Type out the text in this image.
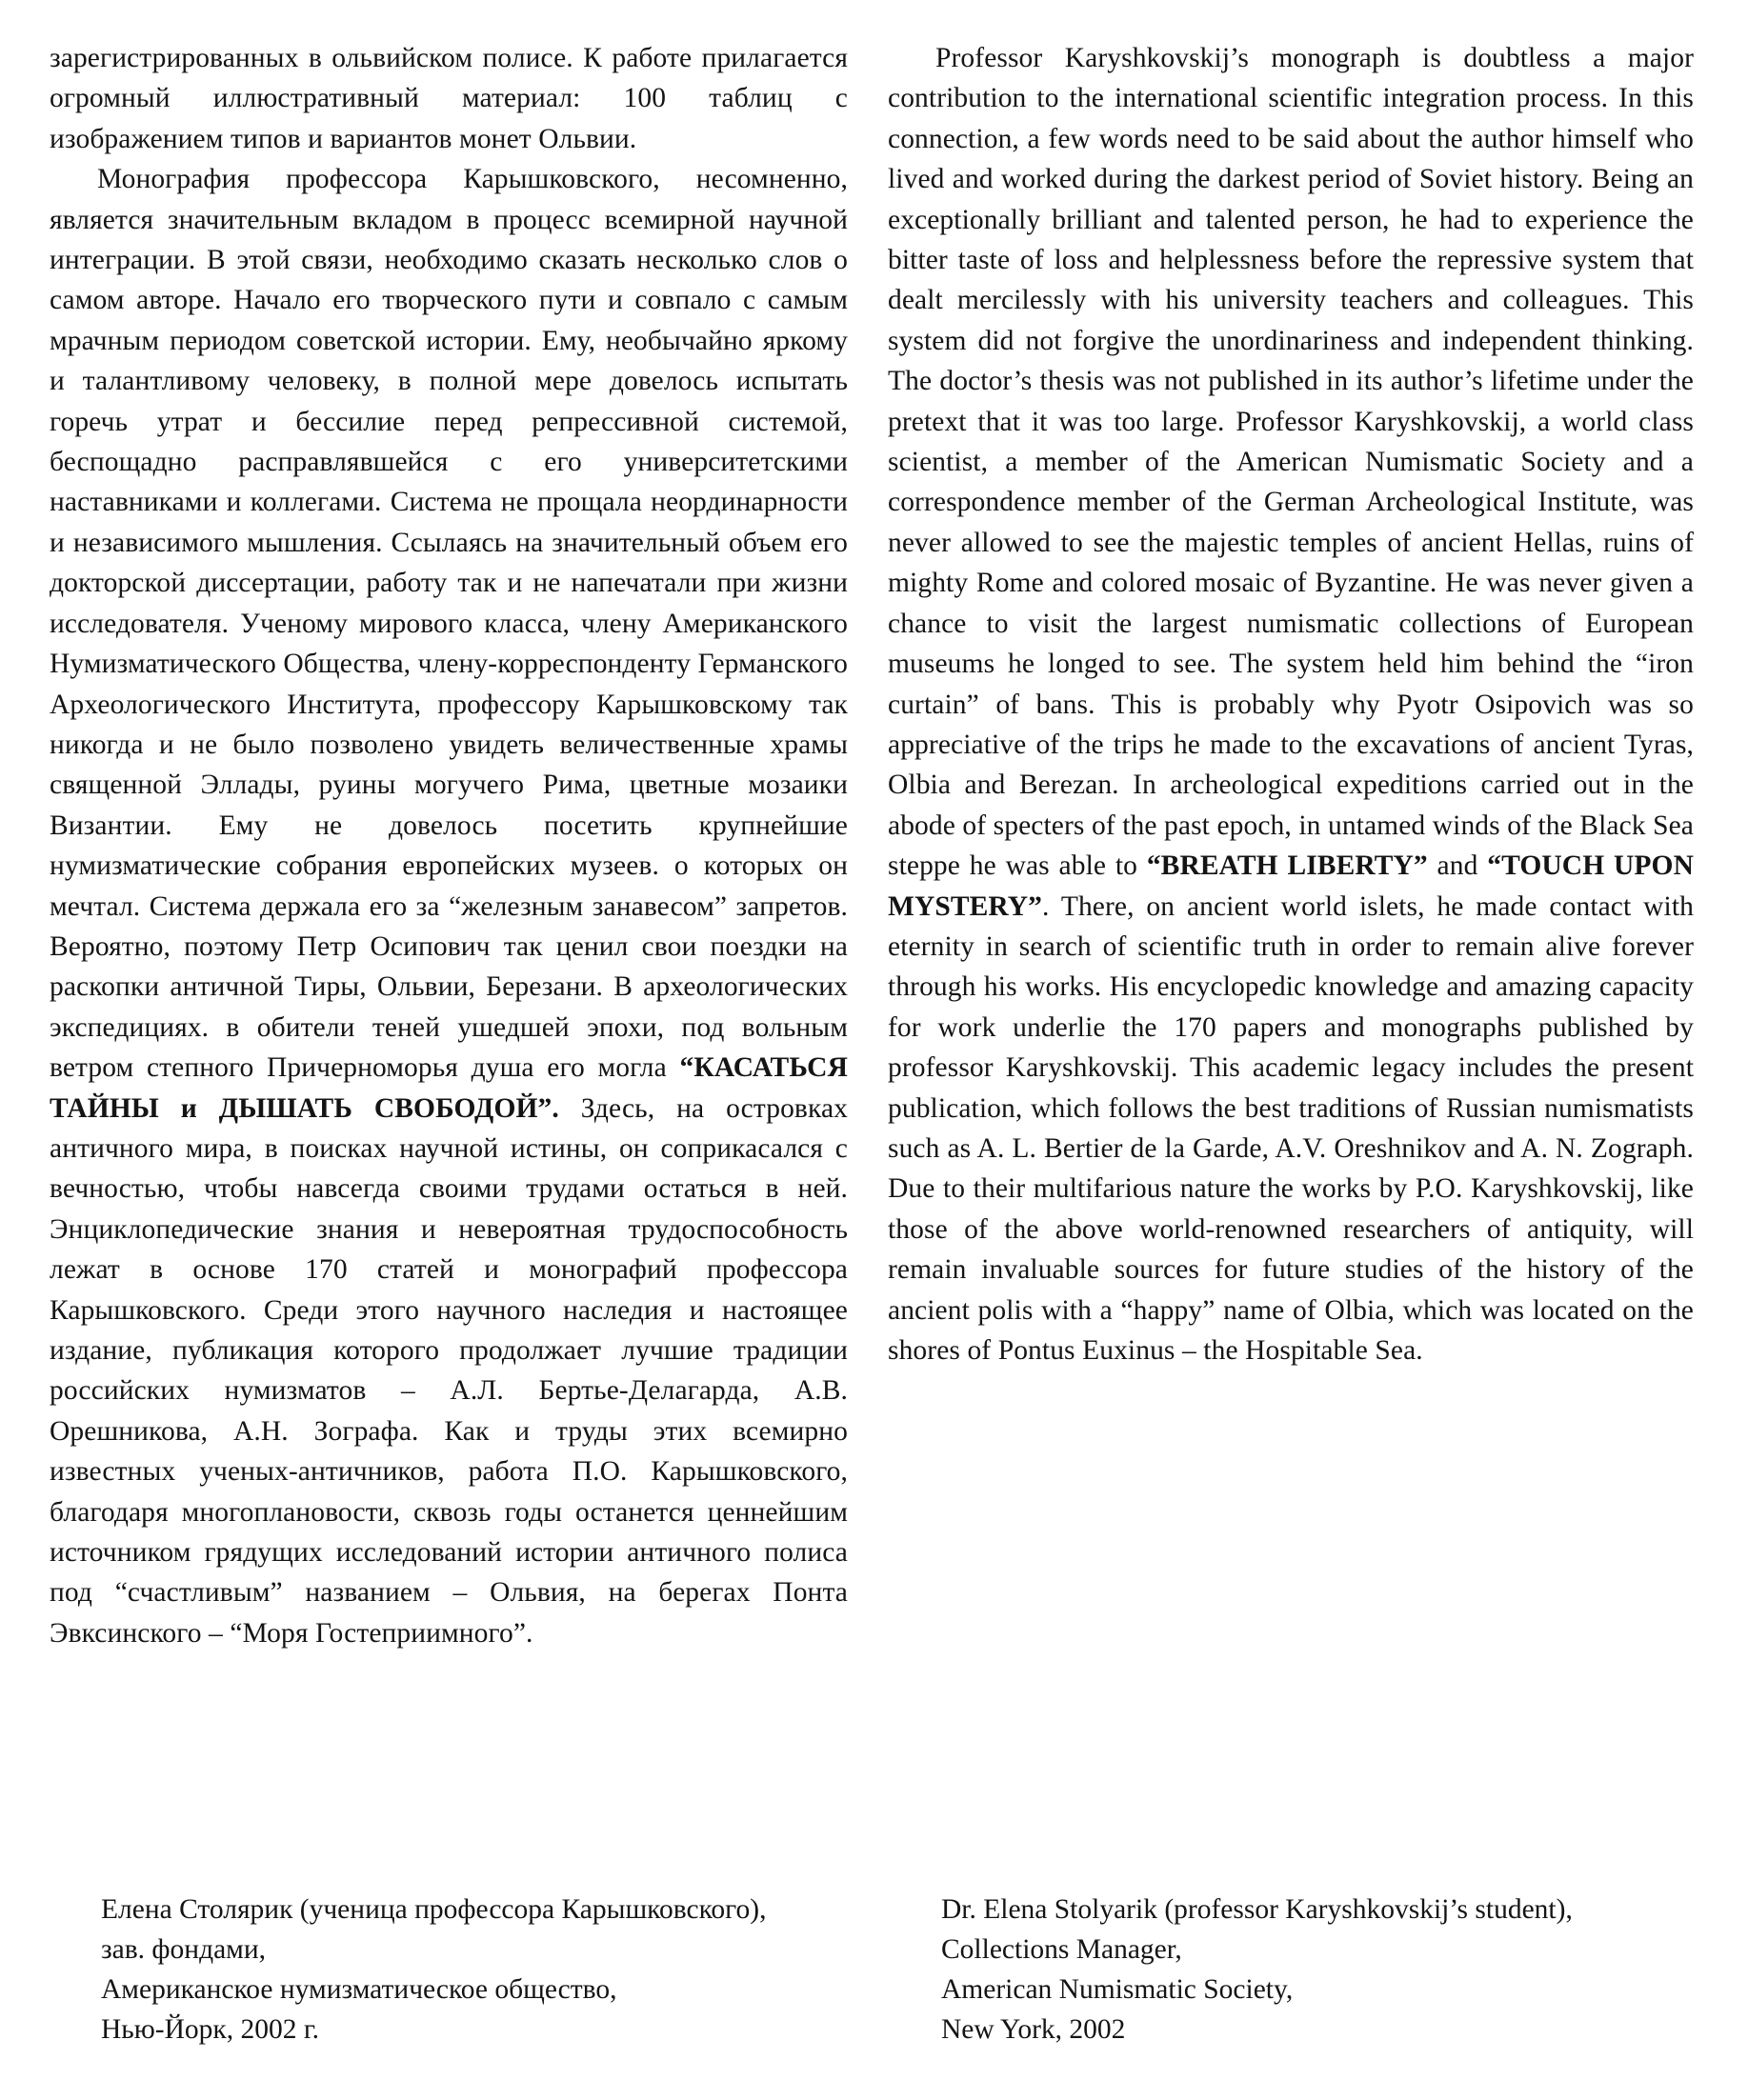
зарегистрированных в ольвийском полисе. К работе прилагается огромный иллюстративный материал: 100 таблиц с изображением типов и вариантов монет Ольвии.

Монография профессора Карышковского, несомненно, является значительным вкладом в процесс всемирной научной интеграции. В этой связи, необходимо сказать несколько слов о самом авторе. Начало его творческого пути и совпало с самым мрачным периодом советской истории. Ему, необычайно яркому и талантливому человеку, в полной мере довелось испытать горечь утрат и бессилие перед репрессивной системой, беспощадно расправлявшейся с его университетскими наставниками и коллегами. Система не прощала неординарности и независимого мышления. Ссылаясь на значительный объем его докторской диссертации, работу так и не напечатали при жизни исследователя. Ученому мирового класса, члену Американского Нумизматического Общества, члену-корреспонденту Германского Археологического Института, профессору Карышковскому так никогда и не было позволено увидеть величественные храмы священной Эллады, руины могучего Рима, цветные мозаики Византии. Ему не довелось посетить крупнейшие нумизматические собрания европейских музеев. о которых он мечтал. Система держала его за “железным занавесом” запретов. Вероятно, поэтому Петр Осипович так ценил свои поездки на раскопки античной Тиры, Ольвии, Березани. В археологических экспедициях. в обители теней ушедшей эпохи, под вольным ветром степного Причерноморья душа его могла “КАСАТЬСЯ ТАЙНЫ и ДЫШАТЬ СВОБОДОЙ”. Здесь, на островках античного мира, в поисках научной истины, он соприкасался с вечностью, чтобы навсегда своими трудами остаться в ней. Энциклопедические знания и невероятная трудоспособность лежат в основе 170 статей и монографий профессора Карышковского. Среди этого научного наследия и настоящее издание, публикация которого продолжает лучшие традиции российских нумизматов – А.Л. Бертье-Делагарда, А.В. Орешникова, А.Н. Зографа. Как и труды этих всемирно известных ученых-античников, работа П.О. Карышковского, благодаря многоплановости, сквозь годы останется ценнейшим источником грядущих исследований истории античного полиса под “счастливым” названием – Ольвия, на берегах Понта Эвксинского – “Моря Гостеприимного”.

Professor Karyshkovskij’s monograph is doubtless a major contribution to the international scientific integration process. In this connection, a few words need to be said about the author himself who lived and worked during the darkest period of Soviet history. Being an exceptionally brilliant and talented person, he had to experience the bitter taste of loss and helplessness before the repressive system that dealt mercilessly with his university teachers and colleagues. This system did not forgive the unordinariness and independent thinking. The doctor’s thesis was not published in its author’s lifetime under the pretext that it was too large. Professor Karyshkovskij, a world class scientist, a member of the American Numismatic Society and a correspondence member of the German Archeological Institute, was never allowed to see the majestic temples of ancient Hellas, ruins of mighty Rome and colored mosaic of Byzantine. He was never given a chance to visit the largest numismatic collections of European museums he longed to see. The system held him behind the “iron curtain” of bans. This is probably why Pyotr Osipovich was so appreciative of the trips he made to the excavations of ancient Tyras, Olbia and Berezan. In archeological expeditions carried out in the abode of specters of the past epoch, in untamed winds of the Black Sea steppe he was able to “BREATH LIBERTY” and “TOUCH UPON MYSTERY”. There, on ancient world islets, he made contact with eternity in search of scientific truth in order to remain alive forever through his works. His encyclopedic knowledge and amazing capacity for work underlie the 170 papers and monographs published by professor Karyshkovskij. This academic legacy includes the present publication, which follows the best traditions of Russian numismatists such as A. L. Bertier de la Garde, A.V. Oreshnikov and A. N. Zograph. Due to their multifarious nature the works by P.O. Karyshkovskij, like those of the above world-renowned researchers of antiquity, will remain invaluable sources for future studies of the history of the ancient polis with a “happy” name of Olbia, which was located on the shores of Pontus Euxinus – the Hospitable Sea.

Елена Столярик (ученица профессора Карышковского),
зав. фондами,
Американское нумизматическое общество,
Нью-Йорк, 2002 г.
Dr. Elena Stolyarik (professor Karyshkovskij’s student),
Collections Manager,
American Numismatic Society,
New York, 2002
